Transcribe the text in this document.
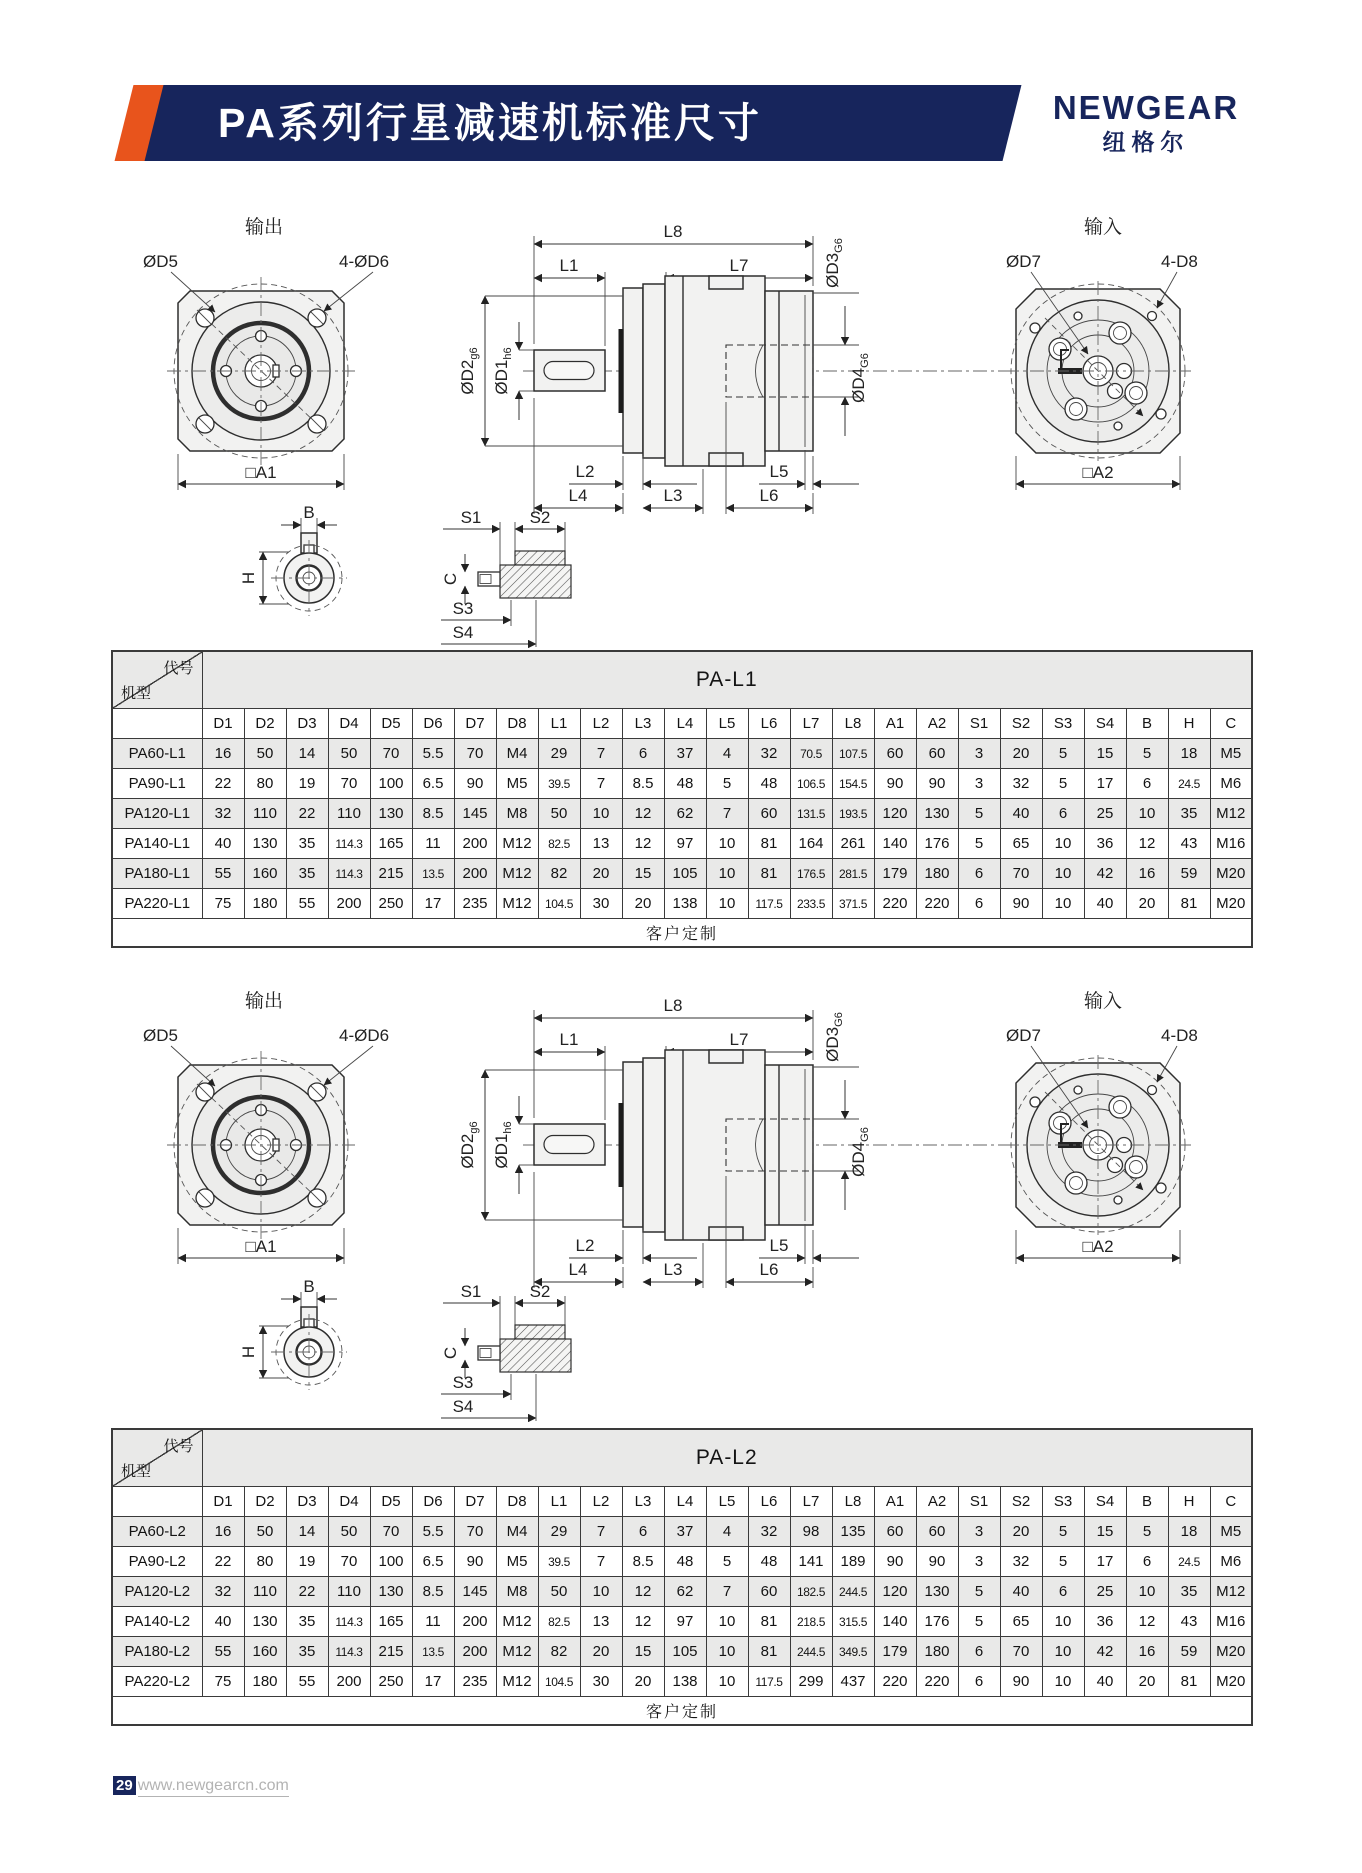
PA系列行星减速机标准尺寸	NEWGEAR
纽格尔
输出
ØD5	4-ØD6
□A1
B
H
L8
L1	L7
$ØD2_{g6}$
$ØD1_{h6}$
$ØD3_{G6}$
$ØD4_{G6}$
L2
L4	L3
L5
L6
S1	S2
C
S3
S4
输入
ØD7	4-D8
□A2
输出
ØD5	4-ØD6
□A1
B
H
L8
L1	L7
$ØD2_{g6}$
$ØD1_{h6}$
$ØD3_{G6}$
$ØD4_{G6}$
L2
L4	L3
L5
L6
S1	S2
C
S3
S4
输入
ØD7	4-D8
□A2
代号
机型	PA-L1																								
	D1	D2	D3	D4	D5	D6	D7	D8	L1	L2	L3	L4	L5	L6	L7	L8	A1	A2	S1	S2	S3	S4	B	H	C
PA60-L1	16	50	14	50	70	5.5	70	M4	29	7	6	37	4	32	70.5	107.5	60	60	3	20	5	15	5	18	M5
PA90-L1	22	80	19	70	100	6.5	90	M5	39.5	7	8.5	48	5	48	106.5	154.5	90	90	3	32	5	17	6	24.5	M6
PA120-L1	32	110	22	110	130	8.5	145	M8	50	10	12	62	7	60	131.5	193.5	120	130	5	40	6	25	10	35	M12
PA140-L1	40	130	35	114.3	165	11	200	M12	82.5	13	12	97	10	81	164	261	140	176	5	65	10	36	12	43	M16
PA180-L1	55	160	35	114.3	215	13.5	200	M12	82	20	15	105	10	81	176.5	281.5	179	180	6	70	10	42	16	59	M20
PA220-L1	75	180	55	200	250	17	235	M12	104.5	30	20	138	10	117.5	233.5	371.5	220	220	6	90	10	40	20	81	M20
客户定制																									
代号
机型	PA-L2																								
	D1	D2	D3	D4	D5	D6	D7	D8	L1	L2	L3	L4	L5	L6	L7	L8	A1	A2	S1	S2	S3	S4	B	H	C
PA60-L2	16	50	14	50	70	5.5	70	M4	29	7	6	37	4	32	98	135	60	60	3	20	5	15	5	18	M5
PA90-L2	22	80	19	70	100	6.5	90	M5	39.5	7	8.5	48	5	48	141	189	90	90	3	32	5	17	6	24.5	M6
PA120-L2	32	110	22	110	130	8.5	145	M8	50	10	12	62	7	60	182.5	244.5	120	130	5	40	6	25	10	35	M12
PA140-L2	40	130	35	114.3	165	11	200	M12	82.5	13	12	97	10	81	218.5	315.5	140	176	5	65	10	36	12	43	M16
PA180-L2	55	160	35	114.3	215	13.5	200	M12	82	20	15	105	10	81	244.5	349.5	179	180	6	70	10	42	16	59	M20
PA220-L2	75	180	55	200	250	17	235	M12	104.5	30	20	138	10	117.5	299	437	220	220	6	90	10	40	20	81	M20
客户定制																									
29 www.newgearcn.com
